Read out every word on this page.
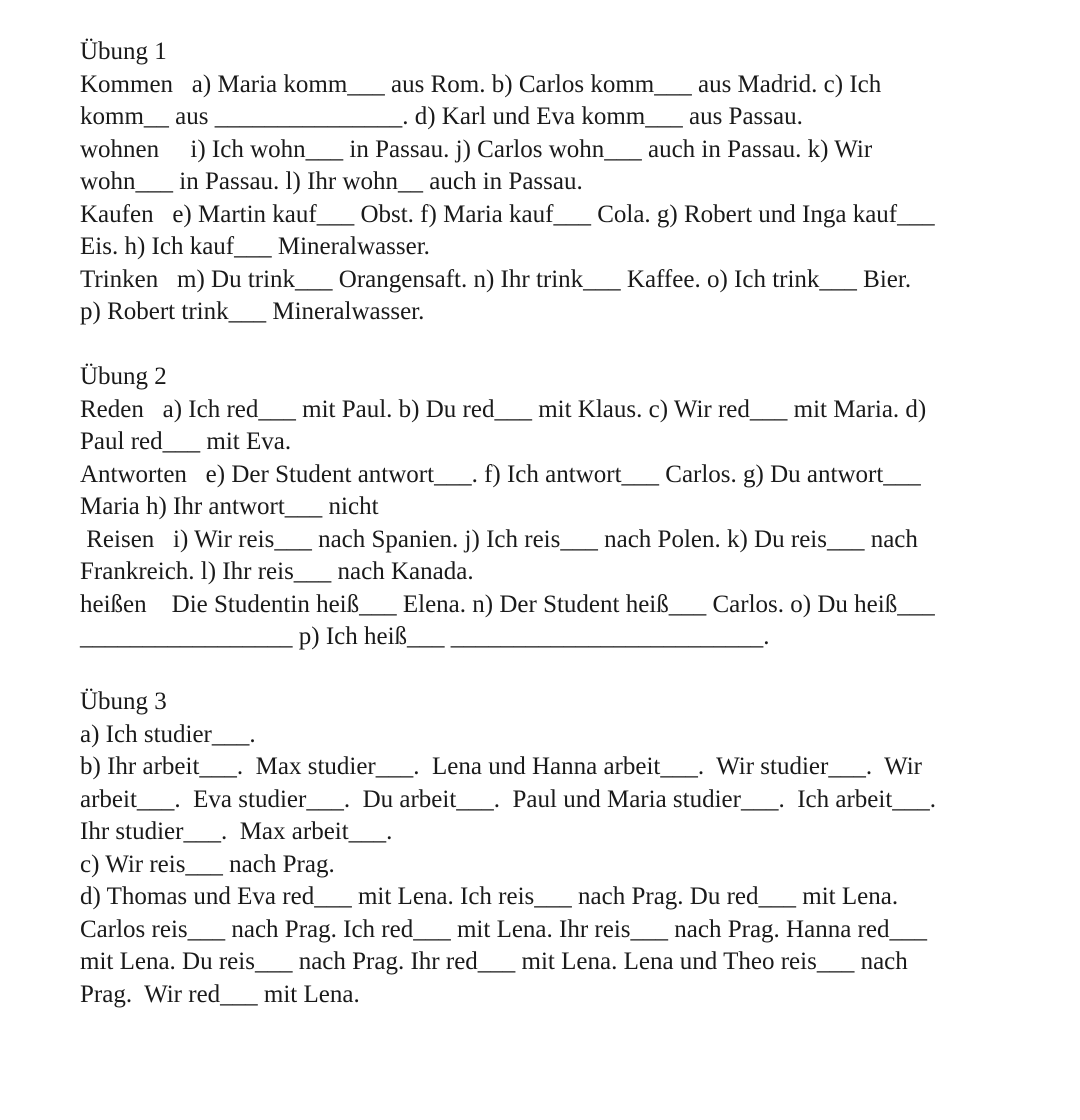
Übung 1
Kommen   a) Maria komm___ aus Rom. b) Carlos komm___ aus Madrid. c) Ich
komm__ aus _______________. d) Karl und Eva komm___ aus Passau.
wohnen     i) Ich wohn___ in Passau. j) Carlos wohn___ auch in Passau. k) Wir
wohn___ in Passau. l) Ihr wohn__ auch in Passau.
Kaufen   e) Martin kauf___ Obst. f) Maria kauf___ Cola. g) Robert und Inga kauf___
Eis. h) Ich kauf___ Mineralwasser.
Trinken   m) Du trink___ Orangensaft. n) Ihr trink___ Kaffee. o) Ich trink___ Bier.
p) Robert trink___ Mineralwasser.
Übung 2
Reden   a) Ich red___ mit Paul. b) Du red___ mit Klaus. c) Wir red___ mit Maria. d)
Paul red___ mit Eva.
Antworten   e) Der Student antwort___. f) Ich antwort___ Carlos. g) Du antwort___
Maria h) Ihr antwort___ nicht
Reisen   i) Wir reis___ nach Spanien. j) Ich reis___ nach Polen. k) Du reis___ nach
Frankreich. l) Ihr reis___ nach Kanada.
heißen    Die Studentin heiß___ Elena. n) Der Student heiß___ Carlos. o) Du heiß___
_________________ p) Ich heiß___ _________________________.
Übung 3
a) Ich studier___.
b) Ihr arbeit___.  Max studier___.  Lena und Hanna arbeit___.  Wir studier___.  Wir
arbeit___.  Eva studier___.  Du arbeit___.  Paul und Maria studier___.  Ich arbeit___.
Ihr studier___.  Max arbeit___.
c) Wir reis___ nach Prag.
d) Thomas und Eva red___ mit Lena. Ich reis___ nach Prag. Du red___ mit Lena.
Carlos reis___ nach Prag. Ich red___ mit Lena. Ihr reis___ nach Prag. Hanna red___
mit Lena. Du reis___ nach Prag. Ihr red___ mit Lena. Lena und Theo reis___ nach
Prag.  Wir red___ mit Lena.
